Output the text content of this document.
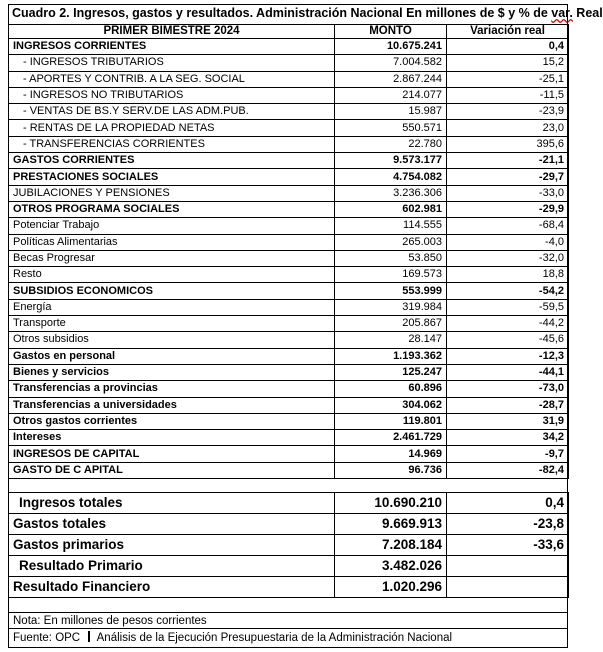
Cuadro 2. Ingresos, gastos y resultados. Administración Nacional En millones de $ y % de var. Real
PRIMER BIMESTRE 2024	MONTO	Variación real
INGRESOS CORRIENTES	10.675.241	0,4
- INGRESOS TRIBUTARIOS	7.004.582	15,2
- APORTES Y CONTRIB. A LA SEG. SOCIAL	2.867.244	-25,1
- INGRESOS NO TRIBUTARIOS	214.077	-11,5
- VENTAS DE BS.Y SERV.DE LAS ADM.PUB.	15.987	-23,9
- RENTAS DE LA PROPIEDAD NETAS	550.571	23,0
- TRANSFERENCIAS CORRIENTES	22.780	395,6
GASTOS CORRIENTES	9.573.177	-21,1
PRESTACIONES SOCIALES	4.754.082	-29,7
JUBILACIONES Y PENSIONES	3.236.306	-33,0
OTROS PROGRAMA SOCIALES	602.981	-29,9
Potenciar Trabajo	114.555	-68,4
Políticas Alimentarias	265.003	-4,0
Becas Progresar	53.850	-32,0
Resto	169.573	18,8
SUBSIDIOS ECONOMICOS	553.999	-54,2
Energía	319.984	-59,5
Transporte	205.867	-44,2
Otros subsidios	28.147	-45,6
Gastos en personal	1.193.362	-12,3
Bienes y servicios	125.247	-44,1
Transferencias a provincias	60.896	-73,0
Transferencias a universidades	304.062	-28,7
Otros gastos corrientes	119.801	31,9
Intereses	2.461.729	34,2
INGRESOS DE CAPITAL	14.969	-9,7
GASTO DE C APITAL	96.736	-82,4
Ingresos totales	10.690.210	0,4
Gastos totales	9.669.913	-23,8
Gastos primarios	7.208.184	-33,6
Resultado Primario	3.482.026	
Resultado Financiero	1.020.296	
Nota: En millones de pesos corrientes
Fuente: OPC Análisis de la Ejecución Presupuestaria de la Administración Nacional
